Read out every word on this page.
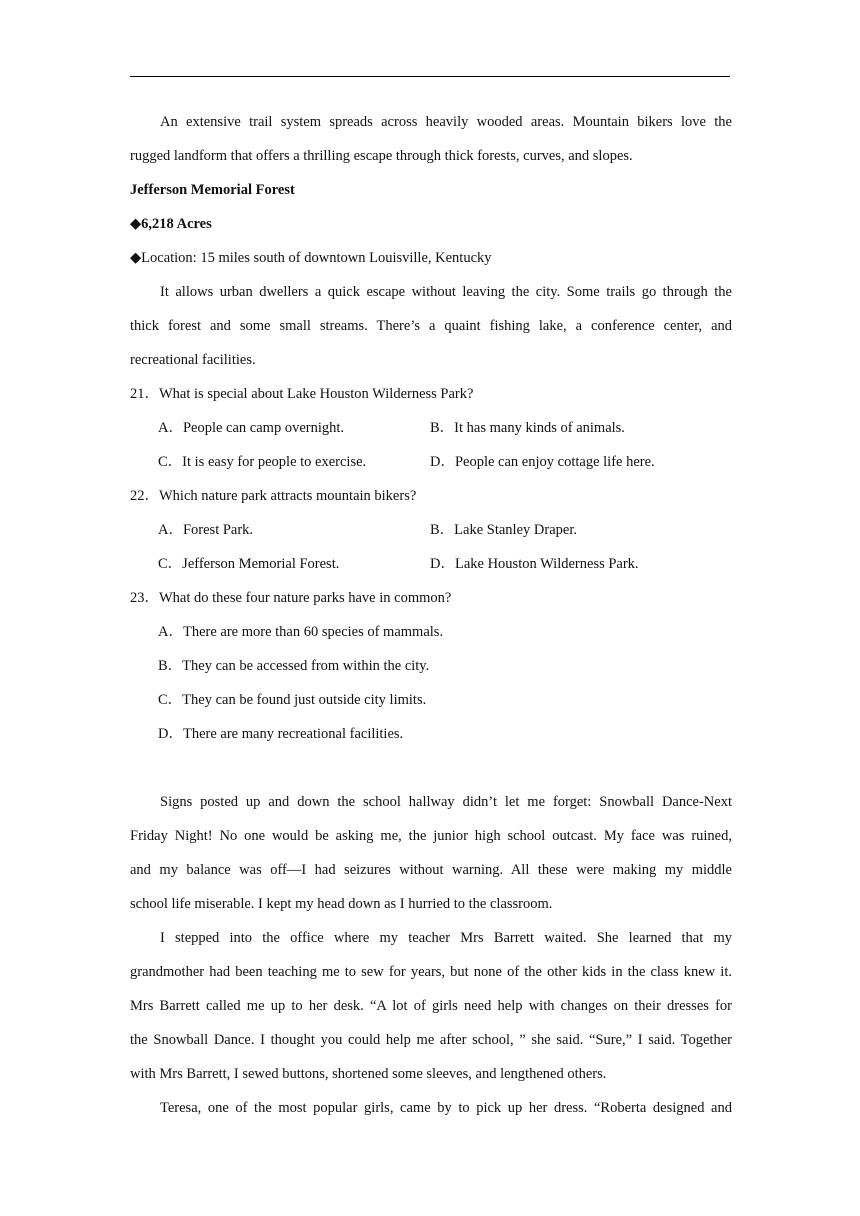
An extensive trail system spreads across heavily wooded areas. Mountain bikers love the
rugged landform that offers a thrilling escape through thick forests, curves, and slopes.
Jefferson Memorial Forest
◆6,218 Acres
◆Location: 15 miles south of downtown Louisville, Kentucky
It allows urban dwellers a quick escape without leaving the city. Some trails go through the
thick forest and some small streams. There’s a quaint fishing lake, a conference center, and
recreational facilities.
21．What is special about Lake Houston Wilderness Park?
A．People can camp overnight.	B．It has many kinds of animals.
C．It is easy for people to exercise.	D．People can enjoy cottage life here.
22．Which nature park attracts mountain bikers?
A．Forest Park.	B．Lake Stanley Draper.
C．Jefferson Memorial Forest.	D．Lake Houston Wilderness Park.
23．What do these four nature parks have in common?
A．There are more than 60 species of mammals.
B．They can be accessed from within the city.
C．They can be found just outside city limits.
D．There are many recreational facilities.
Signs posted up and down the school hallway didn’t let me forget: Snowball Dance-Next
Friday Night! No one would be asking me, the junior high school outcast. My face was ruined,
and my balance was off—I had seizures without warning. All these were making my middle
school life miserable. I kept my head down as I hurried to the classroom.
I stepped into the office where my teacher Mrs Barrett waited. She learned that my
grandmother had been teaching me to sew for years, but none of the other kids in the class knew it.
Mrs Barrett called me up to her desk. “A lot of girls need help with changes on their dresses for
the Snowball Dance. I thought you could help me after school, ” she said. “Sure,” I said. Together
with Mrs Barrett, I sewed buttons, shortened some sleeves, and lengthened others.
Teresa, one of the most popular girls, came by to pick up her dress. “Roberta designed and
